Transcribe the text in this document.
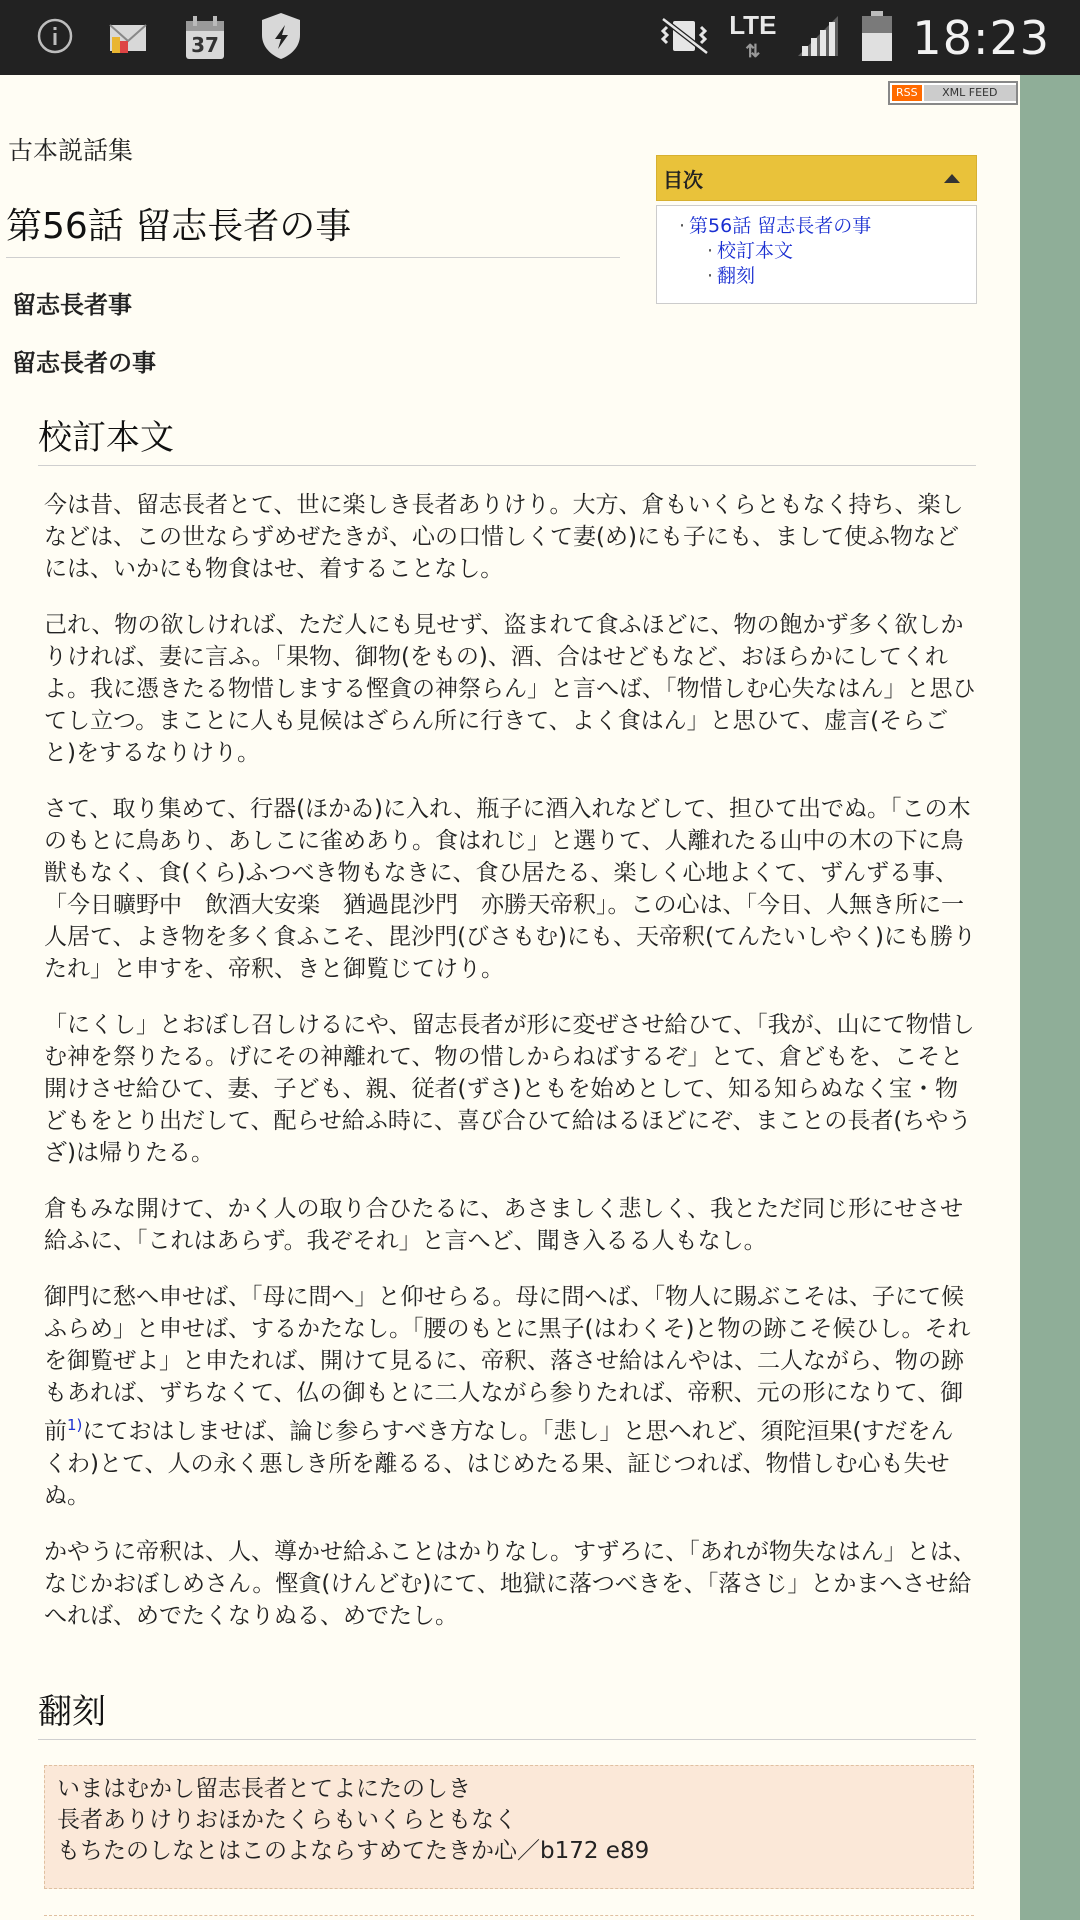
37
LTE
⇅	18:23
RSS	XML FEED
古本説話集
第56話 留志長者の事
留志長者事
留志長者の事
目次
· 第56話 留志長者の事
· 校訂本文
· 翻刻
校訂本文

今は昔、留志長者とて、世に楽しき長者ありけり。大方、倉もいくらともなく持ち、楽しなどは、この世ならずめぜたきが、心の口惜しくて妻(め)にも子にも、まして使ふ物などには、いかにも物食はせ、着することなし。

己れ、物の欲しければ、ただ人にも見せず、盗まれて食ふほどに、物の飽かず多く欲しかりければ、妻に言ふ。「果物、御物(をもの)、酒、合はせどもなど、おほらかにしてくれよ。我に憑きたる物惜しまする慳貪の神祭らん」と言へば、「物惜しむ心失なはん」と思ひてし立つ。まことに人も見候はざらん所に行きて、よく食はん」と思ひて、虚言(そらごと)をするなりけり。

さて、取り集めて、行器(ほかゐ)に入れ、瓶子に酒入れなどして、担ひて出でぬ。「この木のもとに鳥あり、あしこに雀めあり。食はれじ」と選りて、人離れたる山中の木の下に鳥獣もなく、食(くら)ふつべき物もなきに、食ひ居たる、楽しく心地よくて、ずんずる事、「今日曠野中　飲酒大安楽　猶過毘沙門　亦勝天帝釈」。この心は、「今日、人無き所に一人居て、よき物を多く食ふこそ、毘沙門(びさもむ)にも、天帝釈(てんたいしやく)にも勝りたれ」と申すを、帝釈、きと御覧じてけり。

「にくし」とおぼし召しけるにや、留志長者が形に変ぜさせ給ひて、「我が、山にて物惜しむ神を祭りたる。げにその神離れて、物の惜しからねばするぞ」とて、倉どもを、こそと開けさせ給ひて、妻、子ども、親、従者(ずさ)ともを始めとして、知る知らぬなく宝・物どもをとり出だして、配らせ給ふ時に、喜び合ひて給はるほどにぞ、まことの長者(ちやうざ)は帰りたる。

倉もみな開けて、かく人の取り合ひたるに、あさましく悲しく、我とただ同じ形にせさせ給ふに、「これはあらず。我ぞそれ」と言へど、聞き入るる人もなし。

御門に愁へ申せば、「母に問へ」と仰せらる。母に問へば、「物人に賜ぶこそは、子にて候ふらめ」と申せば、するかたなし。「腰のもとに黒子(はわくそ)と物の跡こそ候ひし。それを御覧ぜよ」と申たれば、開けて見るに、帝釈、落させ給はんやは、二人ながら、物の跡もあれば、ずちなくて、仏の御もとに二人ながら参りたれば、帝釈、元の形になりて、御前$^{1)}$にておはしませば、論じ参らすべき方なし。「悲し」と思へれど、須陀洹果(すだをんくわ)とて、人の永く悪しき所を離るる、はじめたる果、証じつれば、物惜しむ心も失せぬ。

かやうに帝釈は、人、導かせ給ふことはかりなし。すずろに、「あれが物失なはん」とは、なじかおぼしめさん。慳貪(けんどむ)にて、地獄に落つべきを、「落さじ」とかまへさせ給へれば、めでたくなりぬる、めでたし。

翻刻
いまはむかし留志長者とてよにたのしき
長者ありけりおほかたくらもいくらともなく
もちたのしなとはこのよならすめてたきか心／b172 e89
